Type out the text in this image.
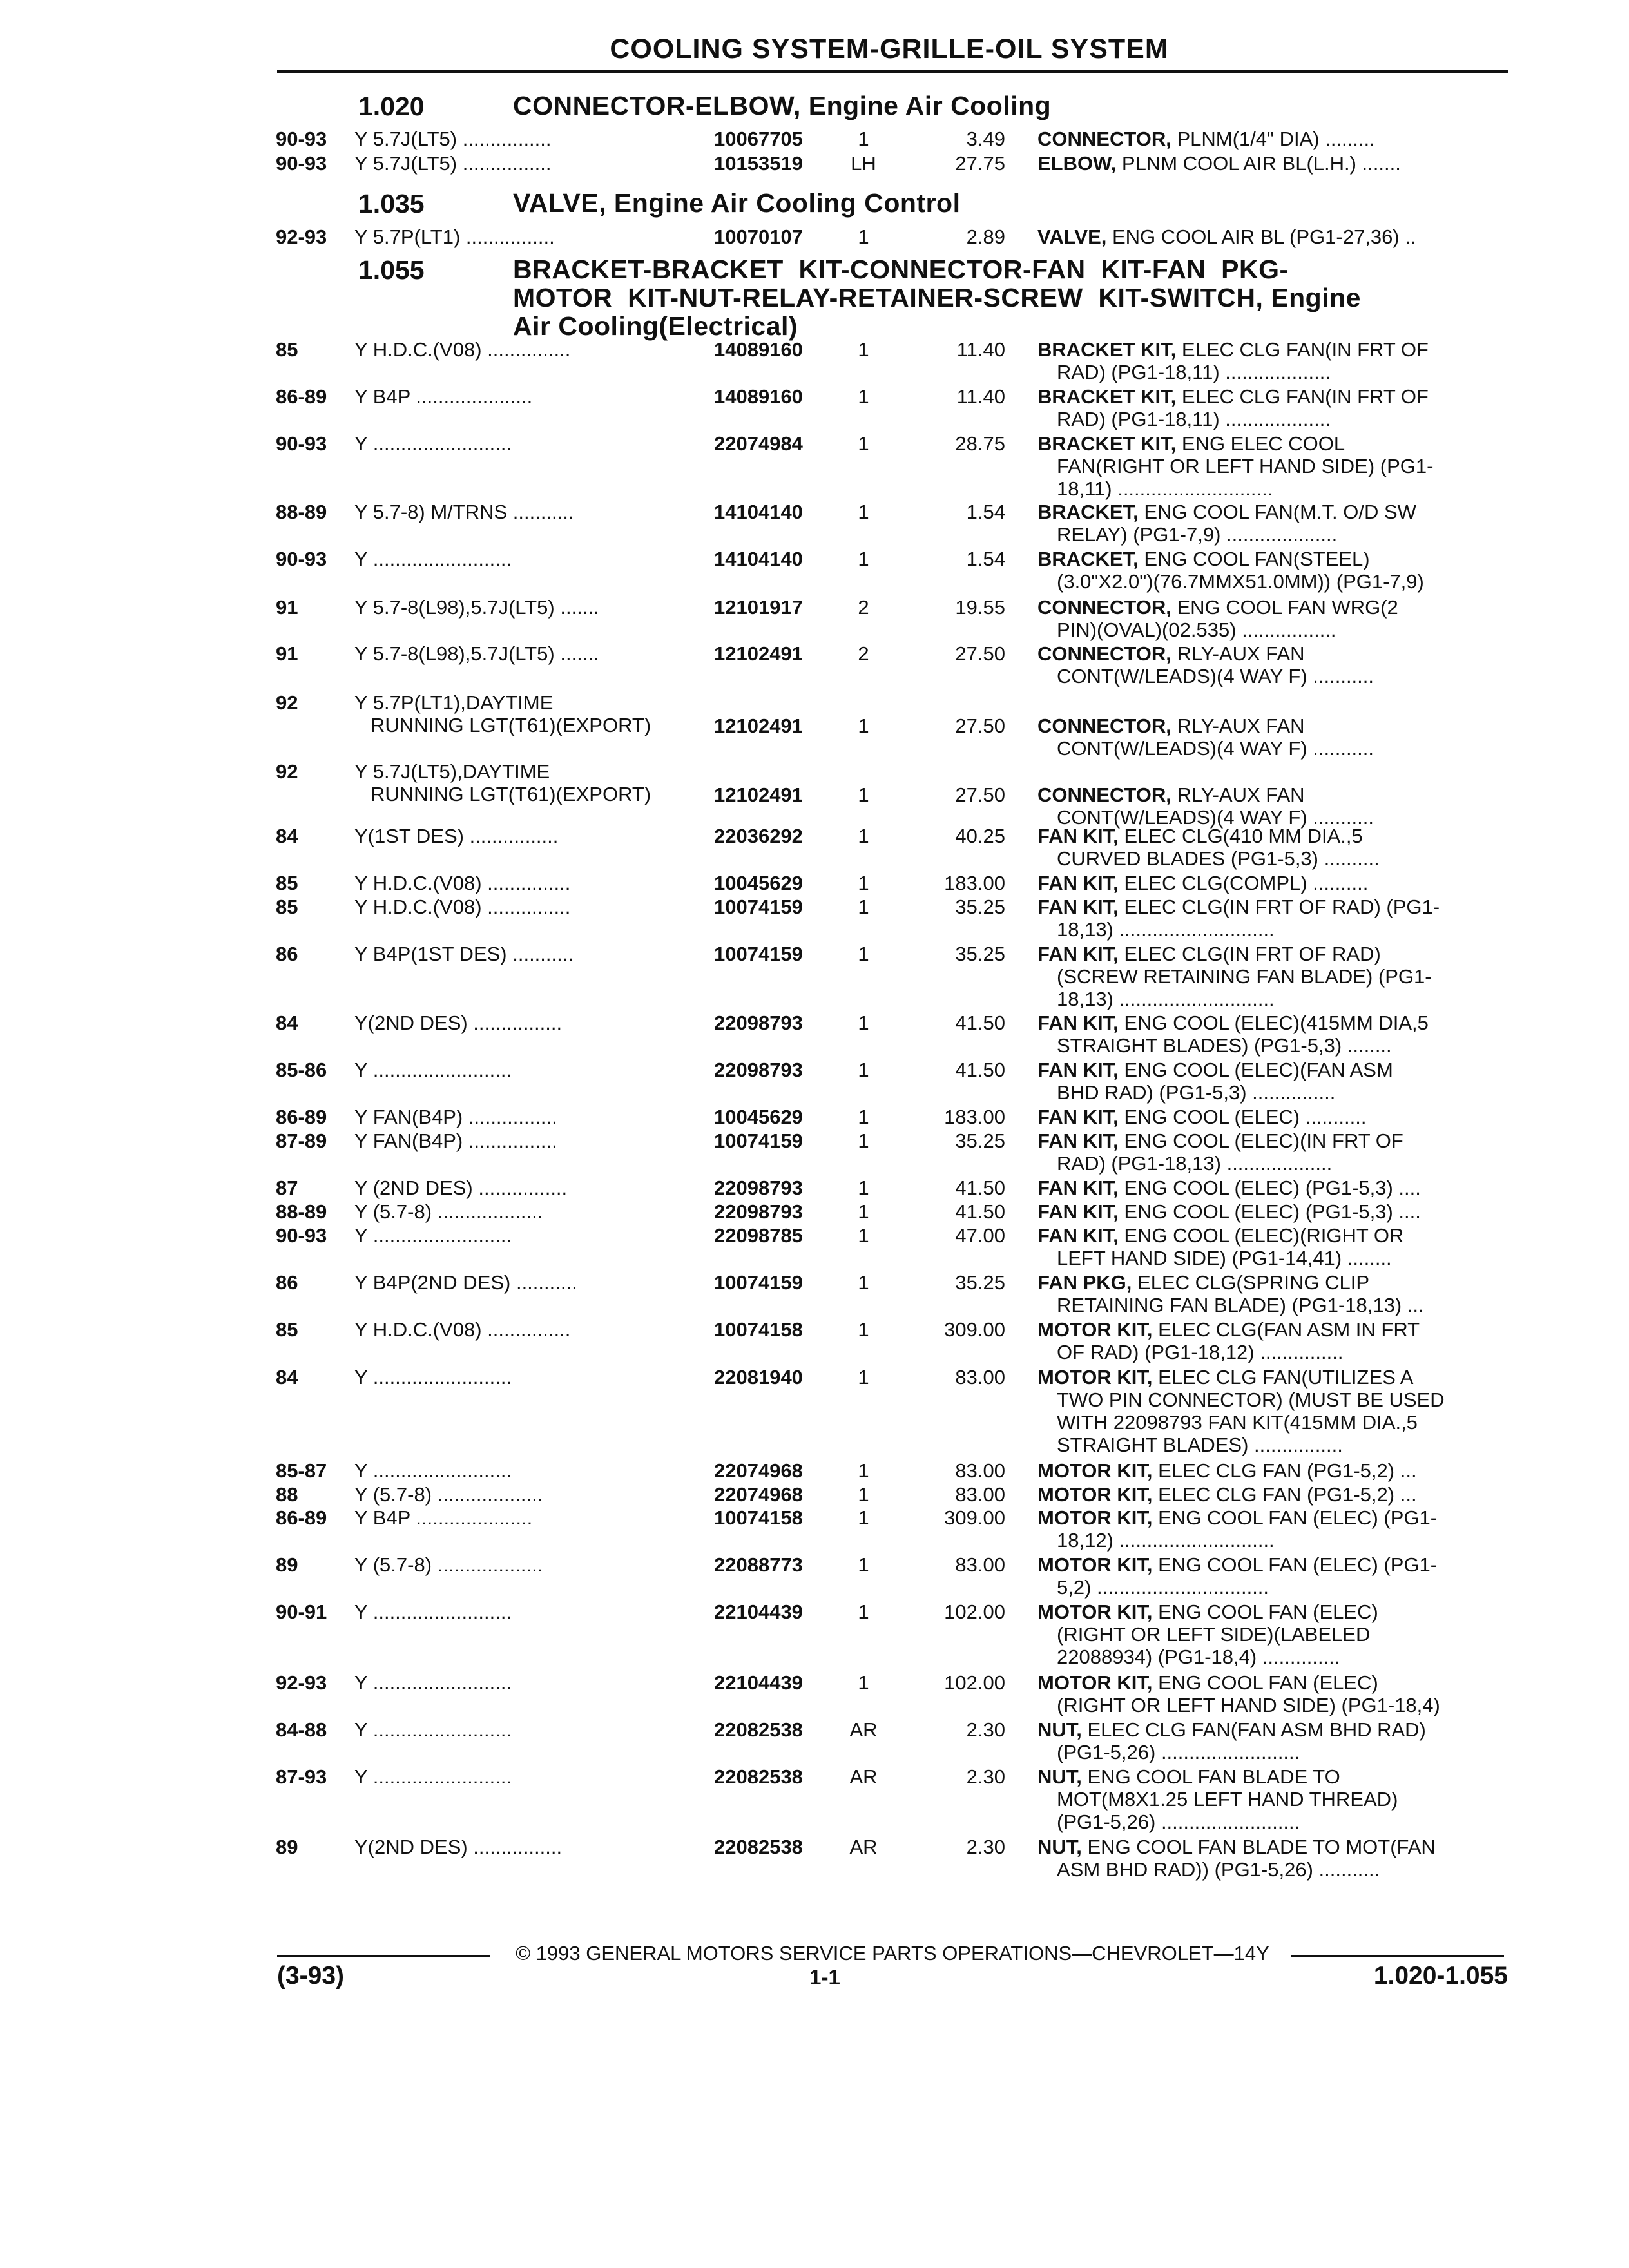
COOLING SYSTEM-GRILLE-OIL SYSTEM
1.020	CONNECTOR-ELBOW, Engine Air Cooling
90-93 Y 5.7J(LT5) ................	10067705	1	3.49 CONNECTOR, PLNM(1/4" DIA) .........
90-93 Y 5.7J(LT5) ................	10153519	LH	27.75 ELBOW, PLNM COOL AIR BL(L.H.) .......
1.035	VALVE, Engine Air Cooling Control
92-93 Y 5.7P(LT1) ................	10070107	1	2.89 VALVE, ENG COOL AIR BL (PG1-27,36) ..
1.055	BRACKET-BRACKET  KIT-CONNECTOR-FAN  KIT-FAN  PKG-
MOTOR  KIT-NUT-RELAY-RETAINER-SCREW  KIT-SWITCH, Engine
Air Cooling(Electrical)
85	Y H.D.C.(V08) ...............	14089160	1	11.40 BRACKET KIT, ELEC CLG FAN(IN FRT OF
RAD) (PG1-18,11) ...................
86-89 Y B4P .....................	14089160	1	11.40 BRACKET KIT, ELEC CLG FAN(IN FRT OF
RAD) (PG1-18,11) ...................
90-93 Y .........................	22074984	1	28.75 BRACKET KIT, ENG ELEC COOL
FAN(RIGHT OR LEFT HAND SIDE) (PG1-
18,11) ............................
88-89 Y 5.7-8) M/TRNS ...........	14104140	1	1.54 BRACKET, ENG COOL FAN(M.T. O/D SW
RELAY) (PG1-7,9) ....................
90-93 Y .........................	14104140	1	1.54 BRACKET, ENG COOL FAN(STEEL)
(3.0"X2.0")(76.7MMX51.0MM)) (PG1-7,9)
91	Y 5.7-8(L98),5.7J(LT5) .......	12101917	2	19.55 CONNECTOR, ENG COOL FAN WRG(2
PIN)(OVAL)(02.535) .................
91	Y 5.7-8(L98),5.7J(LT5) .......	12102491	2	27.50 CONNECTOR, RLY-AUX FAN
CONT(W/LEADS)(4 WAY F) ...........
92	Y 5.7P(LT1),DAYTIME
RUNNING LGT(T61)(EXPORT)	12102491	1	27.50 CONNECTOR, RLY-AUX FAN
CONT(W/LEADS)(4 WAY F) ...........
92	Y 5.7J(LT5),DAYTIME
RUNNING LGT(T61)(EXPORT)	12102491	1	27.50 CONNECTOR, RLY-AUX FAN
CONT(W/LEADS)(4 WAY F) ...........
84	Y(1ST DES) ................	22036292	1	40.25 FAN KIT, ELEC CLG(410 MM DIA.,5
CURVED BLADES (PG1-5,3) ..........
85	Y H.D.C.(V08) ...............	10045629	1	183.00 FAN KIT, ELEC CLG(COMPL) ..........
85	Y H.D.C.(V08) ...............	10074159	1	35.25 FAN KIT, ELEC CLG(IN FRT OF RAD) (PG1-
18,13) ............................
86	Y B4P(1ST DES) ...........	10074159	1	35.25 FAN KIT, ELEC CLG(IN FRT OF RAD)
(SCREW RETAINING FAN BLADE) (PG1-
18,13) ............................
84	Y(2ND DES) ................	22098793	1	41.50 FAN KIT, ENG COOL (ELEC)(415MM DIA,5
STRAIGHT BLADES) (PG1-5,3) ........
85-86 Y .........................	22098793	1	41.50 FAN KIT, ENG COOL (ELEC)(FAN ASM
BHD RAD) (PG1-5,3) ...............
86-89 Y FAN(B4P) ................	10045629	1	183.00 FAN KIT, ENG COOL (ELEC) ...........
87-89 Y FAN(B4P) ................	10074159	1	35.25 FAN KIT, ENG COOL (ELEC)(IN FRT OF
RAD) (PG1-18,13) ...................
87	Y (2ND DES) ................	22098793	1	41.50 FAN KIT, ENG COOL (ELEC) (PG1-5,3) ....
88-89 Y (5.7-8) ...................	22098793	1	41.50 FAN KIT, ENG COOL (ELEC) (PG1-5,3) ....
90-93 Y .........................	22098785	1	47.00 FAN KIT, ENG COOL (ELEC)(RIGHT OR
LEFT HAND SIDE) (PG1-14,41) ........
86	Y B4P(2ND DES) ...........	10074159	1	35.25 FAN PKG, ELEC CLG(SPRING CLIP
RETAINING FAN BLADE) (PG1-18,13) ...
85	Y H.D.C.(V08) ...............	10074158	1	309.00 MOTOR KIT, ELEC CLG(FAN ASM IN FRT
OF RAD) (PG1-18,12) ...............
84	Y .........................	22081940	1	83.00 MOTOR KIT, ELEC CLG FAN(UTILIZES A
TWO PIN CONNECTOR) (MUST BE USED
WITH 22098793 FAN KIT(415MM DIA.,5
STRAIGHT BLADES) ................
85-87 Y .........................	22074968	1	83.00 MOTOR KIT, ELEC CLG FAN (PG1-5,2) ...
88	Y (5.7-8) ...................	22074968	1	83.00 MOTOR KIT, ELEC CLG FAN (PG1-5,2) ...
86-89 Y B4P .....................	10074158	1	309.00 MOTOR KIT, ENG COOL FAN (ELEC) (PG1-
18,12) ............................
89	Y (5.7-8) ...................	22088773	1	83.00 MOTOR KIT, ENG COOL FAN (ELEC) (PG1-
5,2) ...............................
90-91 Y .........................	22104439	1	102.00 MOTOR KIT, ENG COOL FAN (ELEC)
(RIGHT OR LEFT SIDE)(LABELED
22088934) (PG1-18,4) ..............
92-93 Y .........................	22104439	1	102.00 MOTOR KIT, ENG COOL FAN (ELEC)
(RIGHT OR LEFT HAND SIDE) (PG1-18,4)
84-88 Y .........................	22082538	AR	2.30 NUT, ELEC CLG FAN(FAN ASM BHD RAD)
(PG1-5,26) .........................
87-93 Y .........................	22082538	AR	2.30 NUT, ENG COOL FAN BLADE TO
MOT(M8X1.25 LEFT HAND THREAD)
(PG1-5,26) .........................
89	Y(2ND DES) ................	22082538	AR	2.30 NUT, ENG COOL FAN BLADE TO MOT(FAN
ASM BHD RAD)) (PG1-5,26) ...........
© 1993 GENERAL MOTORS SERVICE PARTS OPERATIONS—CHEVROLET—14Y
(3-93)	1-1	1.020-1.055
